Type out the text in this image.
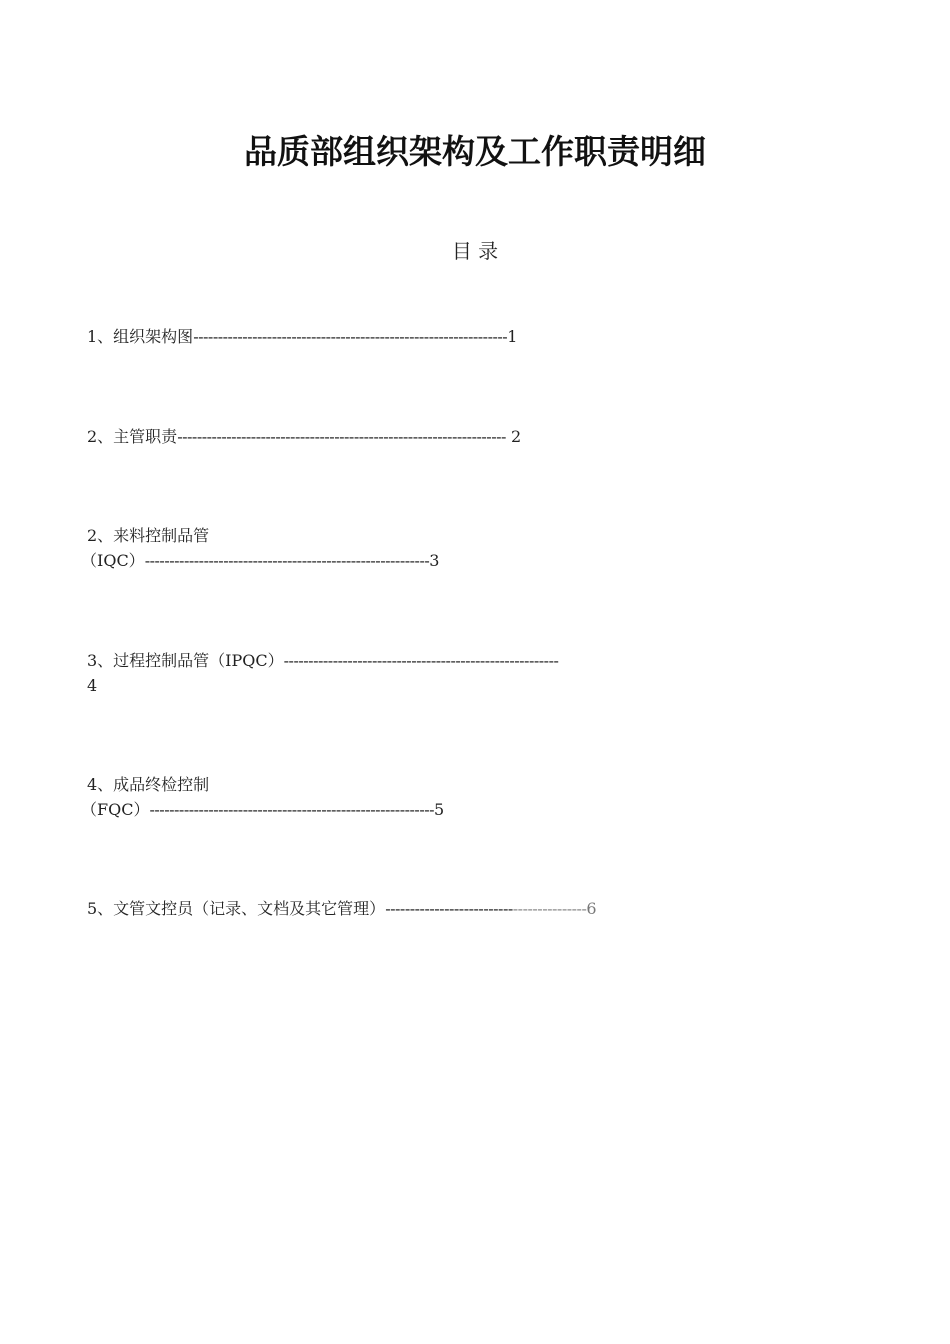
品质部组织架构及工作职责明细
目 录
1、组织架构图----------------------------------------------------------------1
2、主管职责------------------------------------------------------------------- 2
2、来料控制品管
（IQC）----------------------------------------------------------3
3、过程控制品管（IPQC）--------------------------------------------------------
4
4、成品终检控制
（FQC）----------------------------------------------------------5
5、文管文控员（记录、文档及其它管理）-----------------------------------------6
